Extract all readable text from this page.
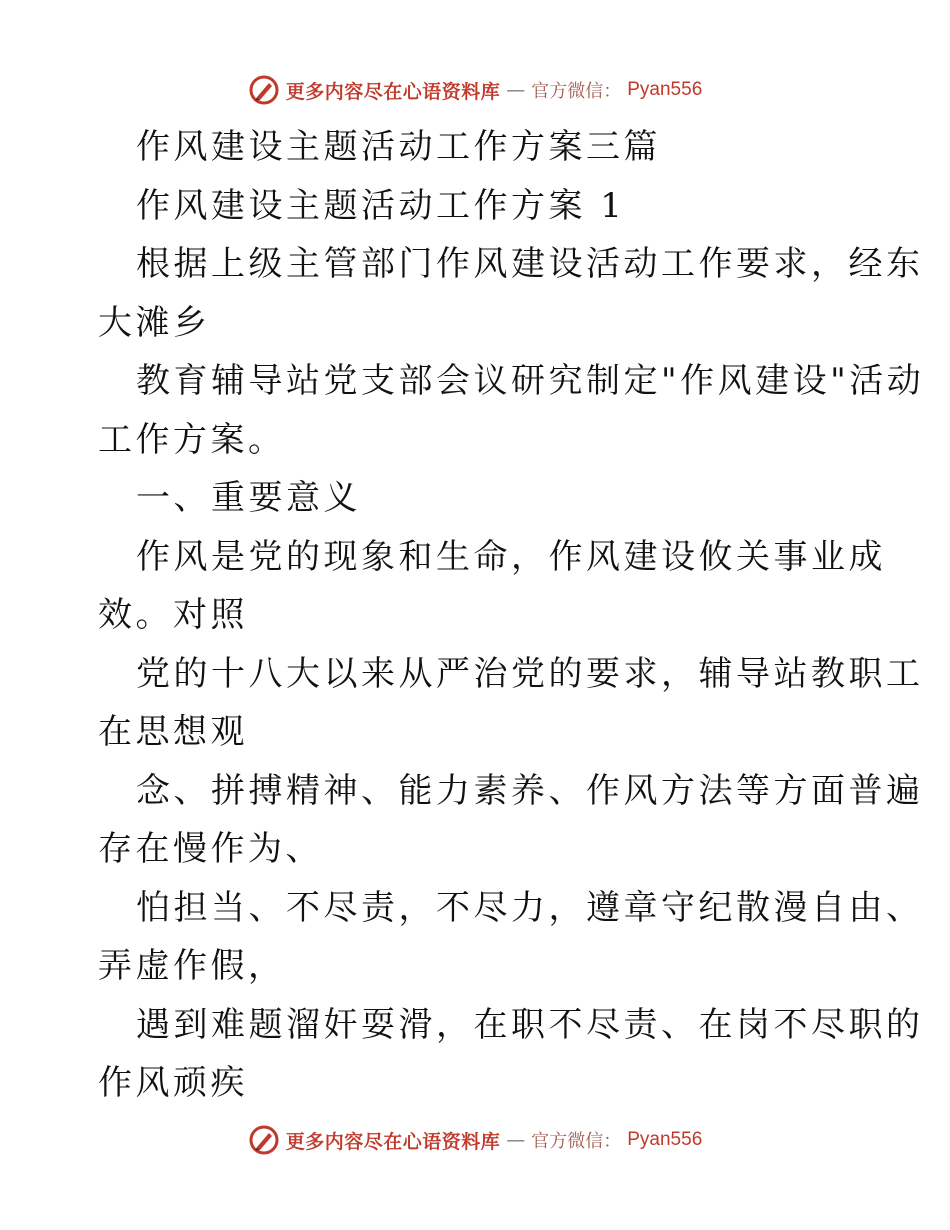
更多内容尽在心语资料库 — 官方微信： Pyan556
作风建设主题活动工作方案三篇
作风建设主题活动工作方案 1
根据上级主管部门作风建设活动工作要求，经东
大滩乡
教育辅导站党支部会议研究制定"作风建设"活动
工作方案。
一、重要意义
作风是党的现象和生命，作风建设攸关事业成
效。对照
党的十八大以来从严治党的要求，辅导站教职工
在思想观
念、拼搏精神、能力素养、作风方法等方面普遍
存在慢作为、
怕担当、不尽责，不尽力，遵章守纪散漫自由、
弄虚作假，
遇到难题溜奸耍滑，在职不尽责、在岗不尽职的
作风顽疾
更多内容尽在心语资料库 — 官方微信： Pyan556
